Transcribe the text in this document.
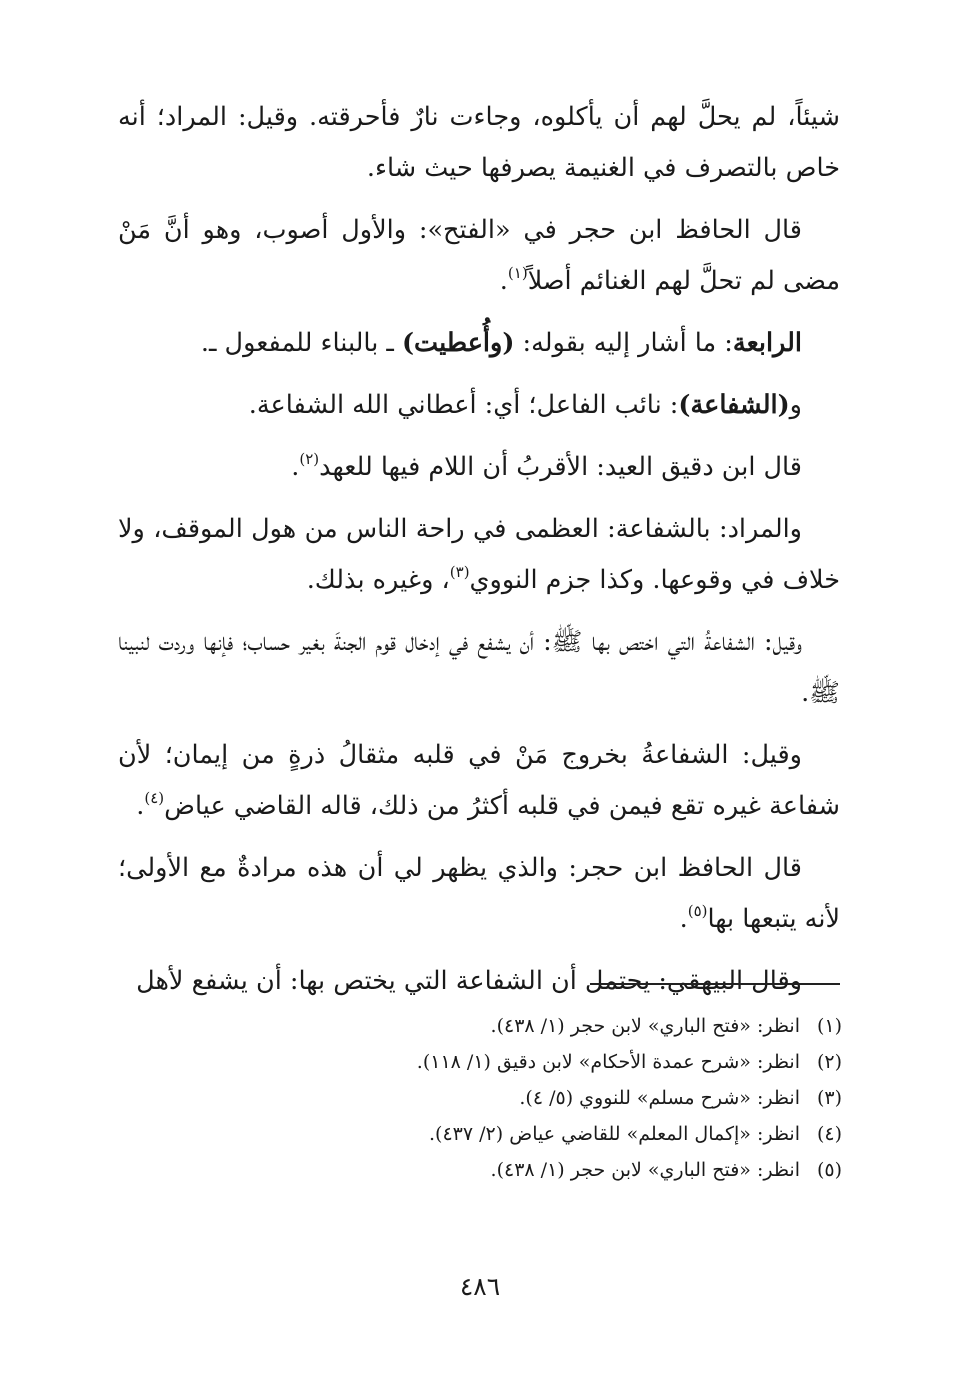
شيئاً، لم يحلَّ لهم أن يأكلوه، وجاءت نارٌ فأحرقته. وقيل: المراد؛ أنه خاص بالتصرف في الغنيمة يصرفها حيث شاء.

قال الحافظ ابن حجر في «الفتح»: والأول أصوب، وهو أنَّ مَنْ مضى لم تحلَّ لهم الغنائم أصلاً$^{(١)}$.

الرابعة: ما أشار إليه بقوله: (وأُعطيت) ـ بالبناء للمفعول ـ.

و(الشفاعة): نائب الفاعل؛ أي: أعطاني الله الشفاعة.

قال ابن دقيق العيد: الأقربُ أن اللام فيها للعهد$^{(٢)}$.

والمراد: بالشفاعة: العظمى في راحة الناس من هول الموقف، ولا خلاف في وقوعها. وكذا جزم النووي$^{(٣)}$، وغيره بذلك.

وقيل: الشفاعةُ التي اختص بها ﷺ: أن يشفع في إدخال قوم الجنةَ بغير حساب؛ فإنها وردت لنبينا ﷺ.

وقيل: الشفاعةُ بخروج مَنْ في قلبه مثقالُ ذرةٍ من إيمان؛ لأن شفاعة غيره تقع فيمن في قلبه أكثرُ من ذلك، قاله القاضي عياض$^{(٤)}$.

قال الحافظ ابن حجر: والذي يظهر لي أن هذه مرادةٌ مع الأولى؛ لأنه يتبعها بها$^{(٥)}$.

وقال البيهقي: يحتمل أن الشفاعة التي يختص بها: أن يشفع لأهل

(١)انظر: «فتح الباري» لابن حجر (١/ ٤٣٨).
(٢)انظر: «شرح عمدة الأحكام» لابن دقيق (١/ ١١٨).
(٣)انظر: «شرح مسلم» للنووي (٥/ ٤).
(٤)انظر: «إكمال المعلم» للقاضي عياض (٢/ ٤٣٧).
(٥)انظر: «فتح الباري» لابن حجر (١/ ٤٣٨).
٤٨٦
